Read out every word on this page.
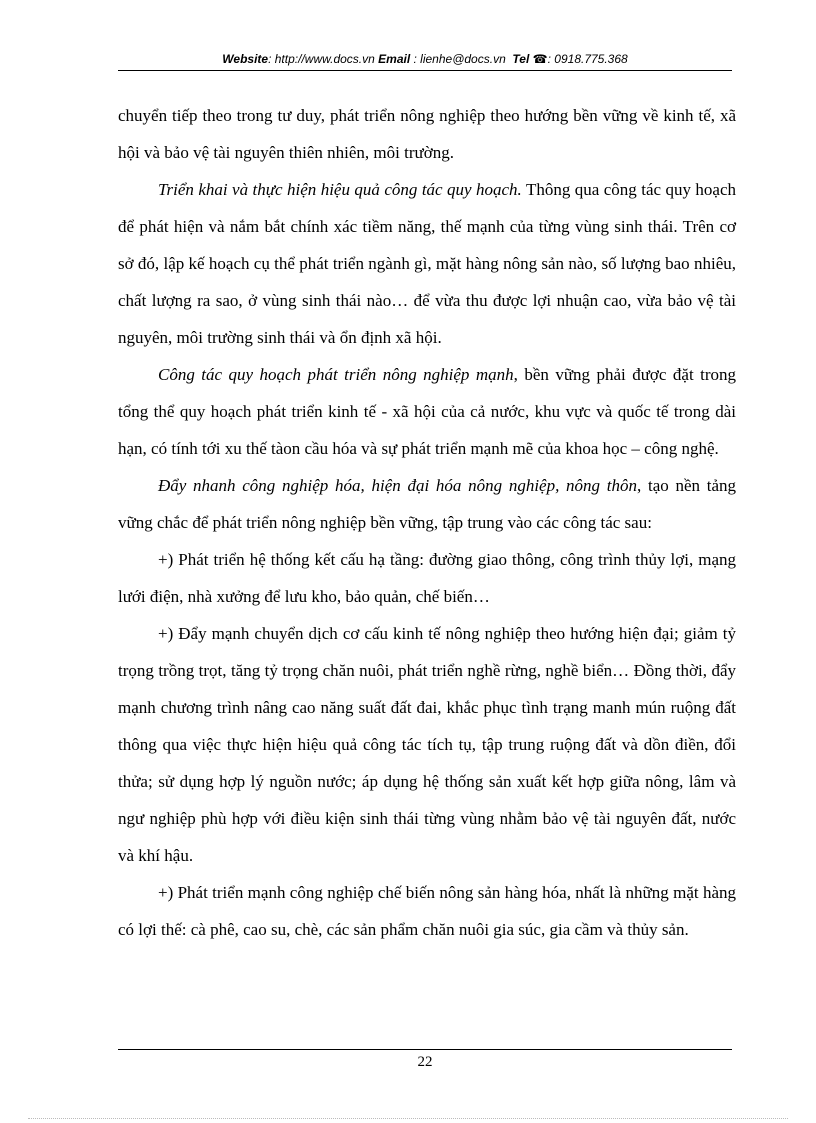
Website: http://www.docs.vn Email : lienhe@docs.vn Tel ☎: 0918.775.368

chuyển tiếp theo trong tư duy, phát triển nông nghiệp theo hướng bền vững về kinh tế, xã hội và bảo vệ tài nguyên thiên nhiên, môi trường.

Triển khai và thực hiện hiệu quả công tác quy hoạch. Thông qua công tác quy hoạch để phát hiện và nắm bắt chính xác tiềm năng, thế mạnh của từng vùng sinh thái. Trên cơ sở đó, lập kế hoạch cụ thể phát triển ngành gì, mặt hàng nông sản nào, số lượng bao nhiêu, chất lượng ra sao, ở vùng sinh thái nào… để vừa thu được lợi nhuận cao, vừa bảo vệ tài nguyên, môi trường sinh thái và ổn định xã hội.

Công tác quy hoạch phát triển nông nghiệp mạnh, bền vững phải được đặt trong tổng thể quy hoạch phát triển kinh tế - xã hội của cả nước, khu vực và quốc tế trong dài hạn, có tính tới xu thế tàon cầu hóa và sự phát triển mạnh mẽ của khoa học – công nghệ.

Đẩy nhanh công nghiệp hóa, hiện đại hóa nông nghiệp, nông thôn, tạo nền tảng vững chắc để phát triển nông nghiệp bền vững, tập trung vào các công tác sau:

+) Phát triển hệ thống kết cấu hạ tầng: đường giao thông, công trình thủy lợi, mạng lưới điện, nhà xưởng để lưu kho, bảo quản, chế biến…

+) Đẩy mạnh chuyển dịch cơ cấu kinh tế nông nghiệp theo hướng hiện đại; giảm tỷ trọng trồng trọt, tăng tỷ trọng chăn nuôi, phát triển nghề rừng, nghề biển… Đồng thời, đẩy mạnh chương trình nâng cao năng suất đất đai, khắc phục tình trạng manh mún ruộng đất thông qua việc thực hiện hiệu quả công tác tích tụ, tập trung ruộng đất và dồn điền, đổi thửa; sử dụng hợp lý nguồn nước; áp dụng hệ thống sản xuất kết hợp giữa nông, lâm và ngư nghiệp phù hợp với điều kiện sinh thái từng vùng nhằm bảo vệ tài nguyên đất, nước và khí hậu.

+) Phát triển mạnh công nghiệp chế biến nông sản hàng hóa, nhất là những mặt hàng có lợi thế: cà phê, cao su, chè, các sản phẩm chăn nuôi gia súc, gia cầm và thủy sản.

22
